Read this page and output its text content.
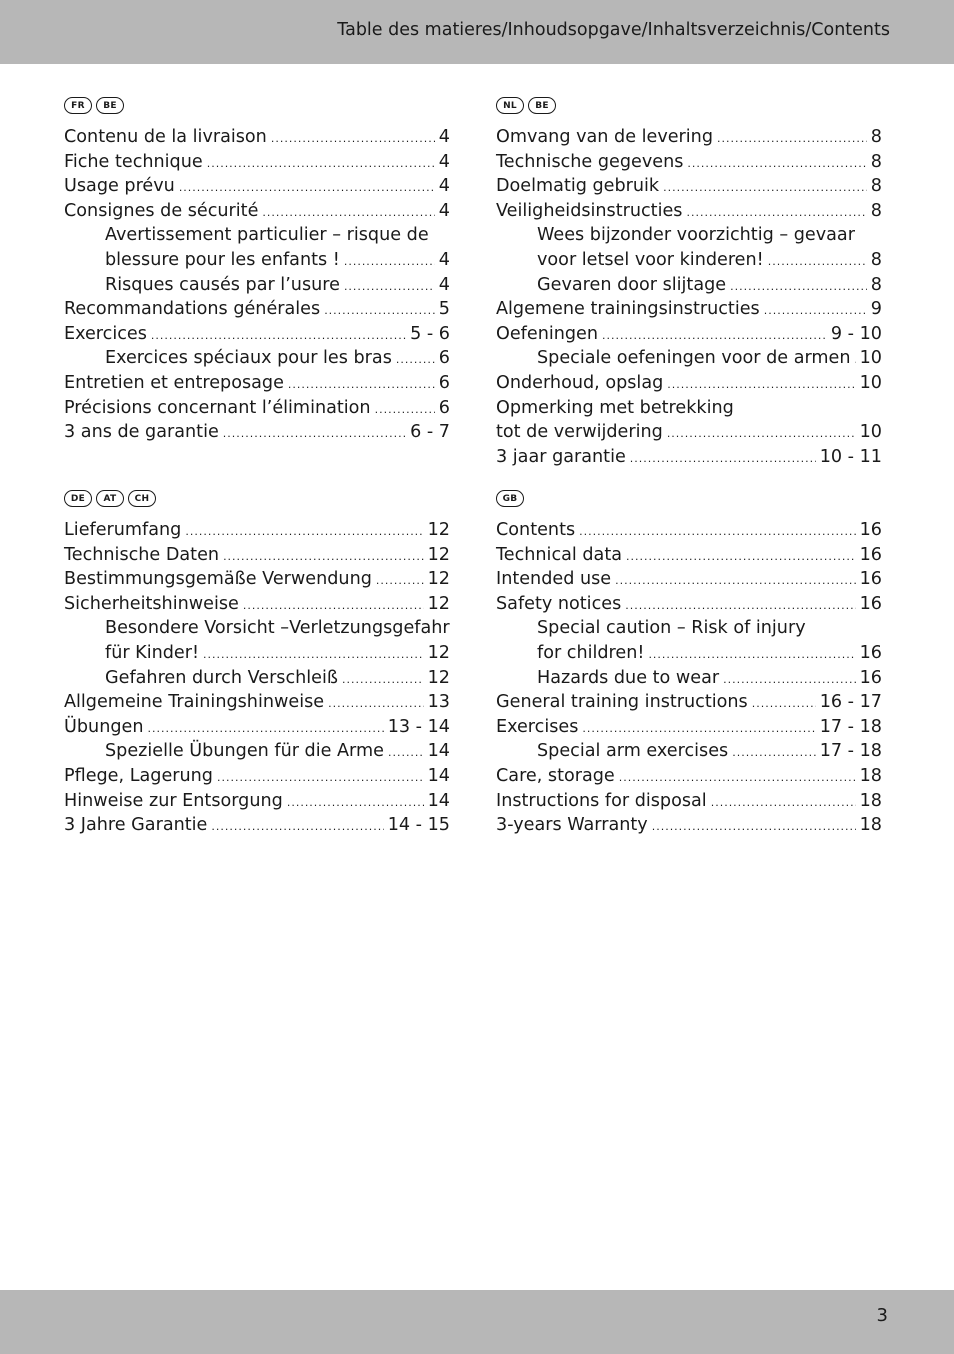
Table des matieres/Inhoudsopgave/Inhaltsverzeichnis/Contents
FR	BE
Contenu de la livraison .....	4
Fiche technique .....	4
Usage prévu .....	4
Consignes de sécurité .....	4
Avertissement particulier – risque de
blessure pour les enfants ! .....	4
Risques causés par l’usure .....	4
Recommandations générales .....	5
Exercices .....	5 - 6
Exercices spéciaux pour les bras .....	6
Entretien et entreposage .....	6
Précisions concernant l’élimination .....	6
3 ans de garantie .....	6 - 7
NL	BE
Omvang van de levering .....	8
Technische gegevens .....	8
Doelmatig gebruik .....	8
Veiligheidsinstructies .....	8
Wees bijzonder voorzichtig – gevaar
voor letsel voor kinderen! .....	8
Gevaren door slijtage .....	8
Algemene trainingsinstructies .....	9
Oefeningen .....	9 - 10
Speciale oefeningen voor de armen ..... 10
Onderhoud, opslag .....	10
Opmerking met betrekking
tot de verwijdering .....	10
3 jaar garantie .....	10 - 11
DE	AT	CH
Lieferumfang .....	12
Technische Daten .....	12
Bestimmungsgemäße Verwendung .....	12
Sicherheitshinweise .....	12
Besondere Vorsicht –Verletzungsgefahr
für Kinder! .....	12
Gefahren durch Verschleiß .....	12
Allgemeine Trainingshinweise .....	13
Übungen .....	13 - 14
Spezielle Übungen für die Arme ..... 14
Pflege, Lagerung .....	14
Hinweise zur Entsorgung .....	14
3 Jahre Garantie .....	14 - 15
GB
Contents .....	16
Technical data .....	16
Intended use .....	16
Safety notices .....	16
Special caution – Risk of injury
for children! .....	16
Hazards due to wear .....	16
General training instructions .....	16 - 17
Exercises .....	17 - 18
Special arm exercises .....	17 - 18
Care, storage .....	18
Instructions for disposal .....	18
3-years Warranty .....	18
3
